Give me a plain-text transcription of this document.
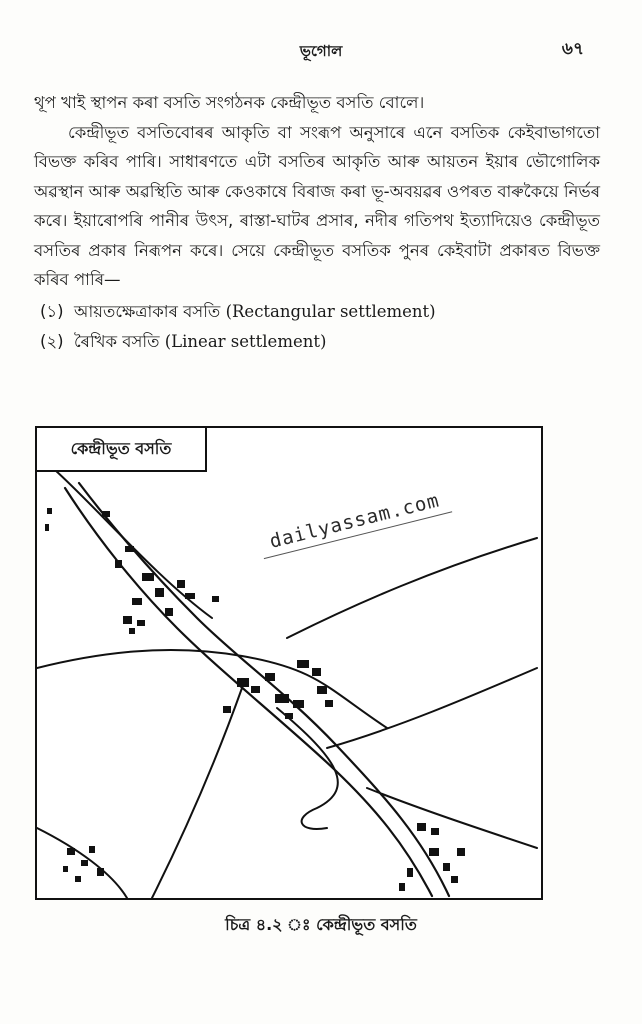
ভূগোল	৬৭

থূপ খাই স্থাপন কৰা বসতি সংগঠনক কেন্দ্ৰীভূত বসতি বোলে।

কেন্দ্ৰীভূত বসতিবোৰৰ আকৃতি বা সংৰূপ অনুসাৰে এনে বসতিক কেইবাভাগতো বিভক্ত কৰিব পাৰি। সাধাৰণতে এটা বসতিৰ আকৃতি আৰু আয়তন ইয়াৰ ভৌগোলিক অৱস্থান আৰু অৱস্থিতি আৰু কেওকাষে বিৰাজ কৰা ভূ-অবয়ৱৰ ওপৰত বাৰুকৈয়ে নিৰ্ভৰ কৰে। ইয়াৰোপৰি পানীৰ উৎস, ৰাস্তা-ঘাটৰ প্ৰসাৰ, নদীৰ গতিপথ ইত্যাদিয়েও কেন্দ্ৰীভূত বসতিৰ প্ৰকাৰ নিৰূপন কৰে। সেয়ে কেন্দ্ৰীভূত বসতিক পুনৰ কেইবাটা প্ৰকাৰত বিভক্ত কৰিব পাৰি—

(১) আয়তক্ষেত্ৰাকাৰ বসতি (Rectangular settlement)
(২) ৰৈখিক বসতি (Linear settlement)
কেন্দ্ৰীভূত বসতি
dailyassam.com
চিত্ৰ ৪.২ ঃ কেন্দ্ৰীভূত বসতি
